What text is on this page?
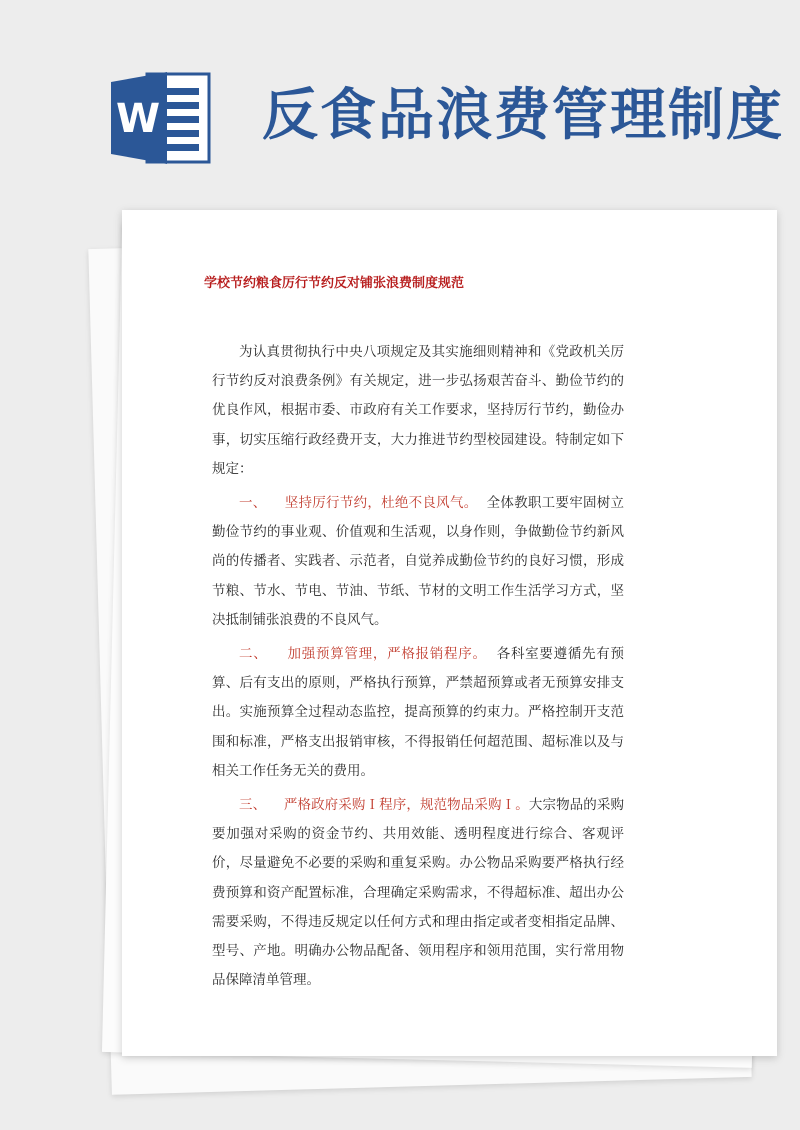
W 反食品浪费管理制度
学校节约粮食厉行节约反对铺张浪费制度规范

为认真贯彻执行中央八项规定及其实施细则精神和《党政机关厉行节约反对浪费条例》有关规定，进一步弘扬艰苦奋斗、勤俭节约的优良作风，根据市委、市政府有关工作要求，坚持厉行节约，勤俭办事，切实压缩行政经费开支，大力推进节约型校园建设。特制定如下规定：

一、 坚持厉行节约，杜绝不良风气。 全体教职工要牢固树立勤俭节约的事业观、价值观和生活观，以身作则，争做勤俭节约新风尚的传播者、实践者、示范者，自觉养成勤俭节约的良好习惯，形成节粮、节水、节电、节油、节纸、节材的文明工作生活学习方式，坚决抵制铺张浪费的不良风气。

二、 加强预算管理，严格报销程序。 各科室要遵循先有预算、后有支出的原则，严格执行预算，严禁超预算或者无预算安排支出。实施预算全过程动态监控，提高预算的约束力。严格控制开支范围和标准，严格支出报销审核，不得报销任何超范围、超标准以及与相关工作任务无关的费用。

三、 严格政府采购Ｉ程序，规范物品采购Ｉ。大宗物品的采购要加强对采购的资金节约、共用效能、透明程度进行综合、客观评价，尽量避免不必要的采购和重复采购。办公物品采购要严格执行经费预算和资产配置标准，合理确定采购需求，不得超标准、超出办公需要采购，不得违反规定以任何方式和理由指定或者变相指定品牌、型号、产地。明确办公物品配备、领用程序和领用范围，实行常用物品保障清单管理。
